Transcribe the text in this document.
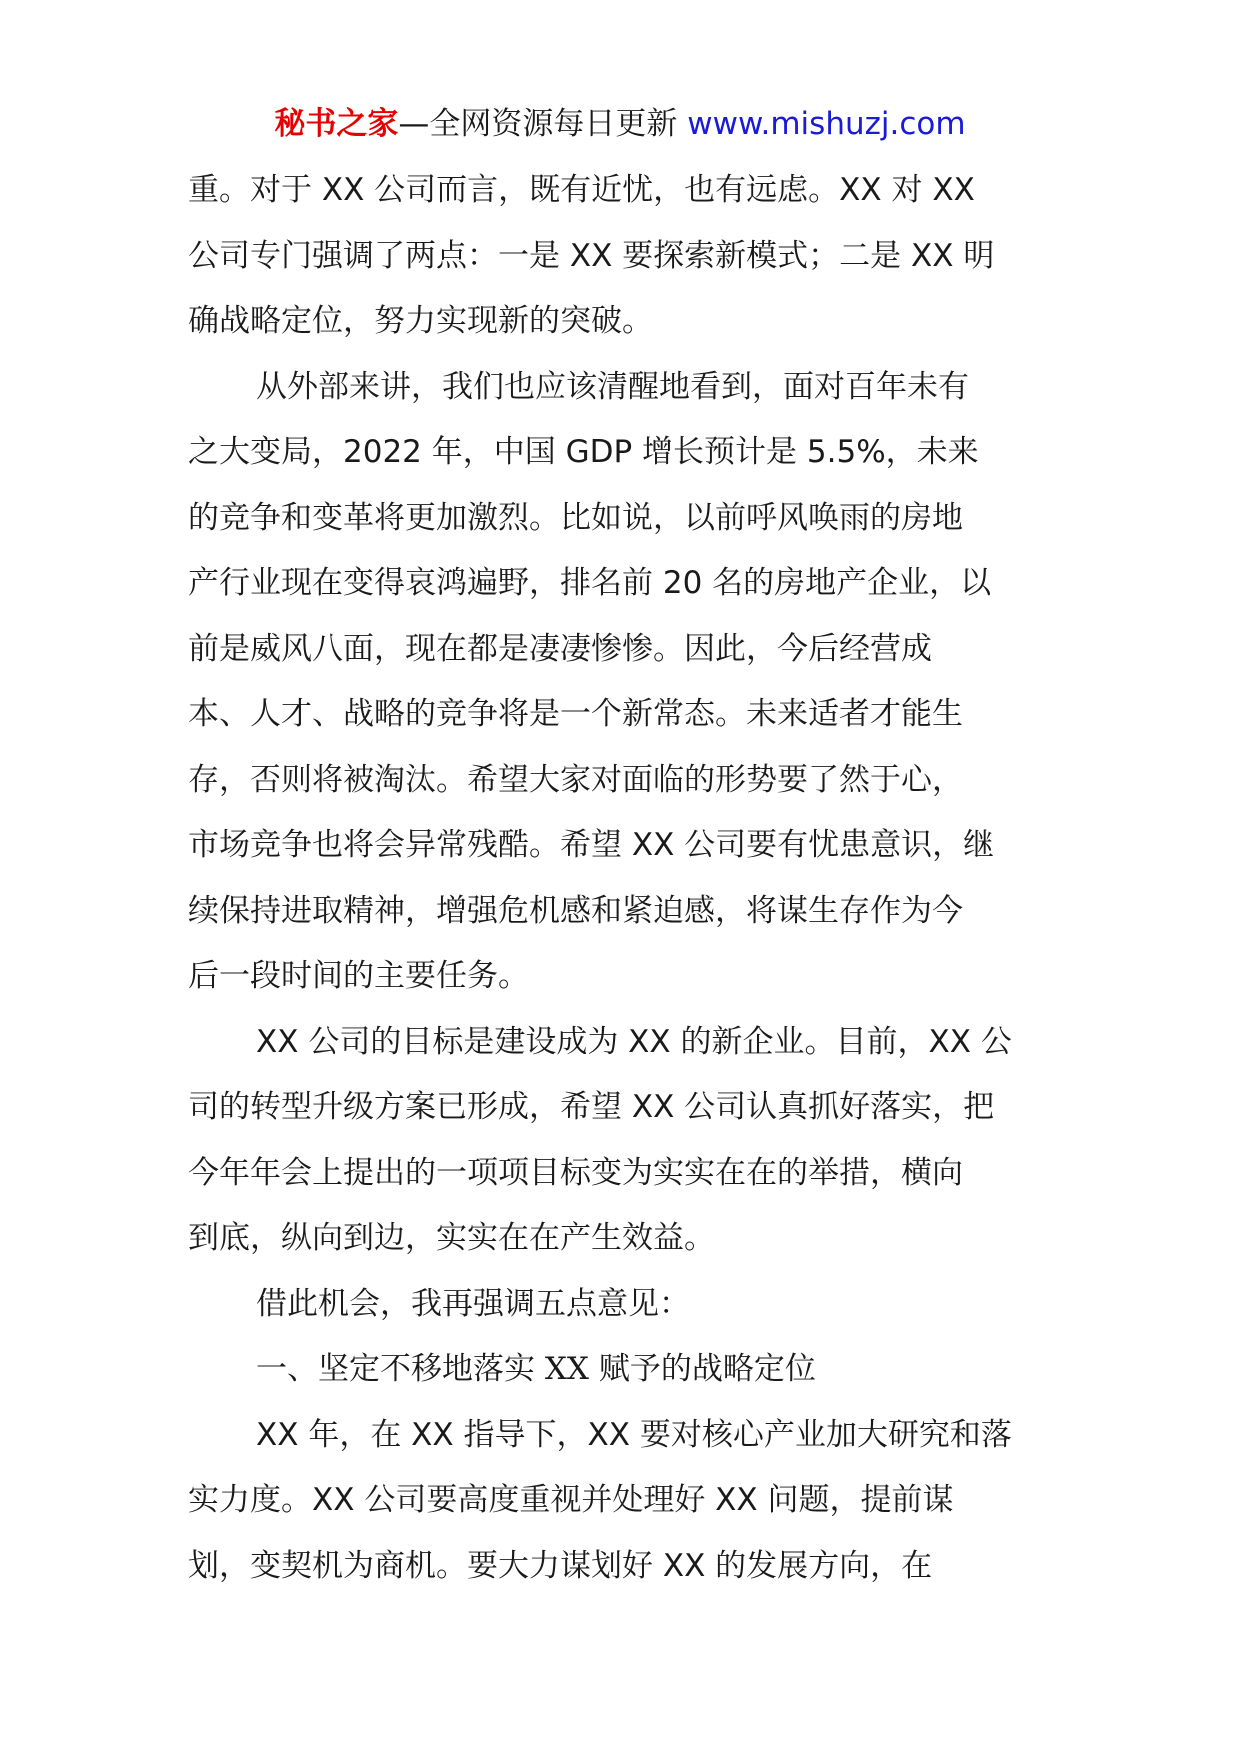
秘书之家—全网资源每日更新 www.mishuzj.com
重。对于 XX 公司而言，既有近忧，也有远虑。XX 对 XX
公司专门强调了两点：一是 XX 要探索新模式；二是 XX 明
确战略定位，努力实现新的突破。
从外部来讲，我们也应该清醒地看到，面对百年未有
之大变局，2022 年，中国 GDP 增长预计是 5.5%，未来
的竞争和变革将更加激烈。比如说，以前呼风唤雨的房地
产行业现在变得哀鸿遍野，排名前 20 名的房地产企业，以
前是威风八面，现在都是凄凄惨惨。因此，今后经营成
本、人才、战略的竞争将是一个新常态。未来适者才能生
存，否则将被淘汰。希望大家对面临的形势要了然于心，
市场竞争也将会异常残酷。希望 XX 公司要有忧患意识，继
续保持进取精神，增强危机感和紧迫感，将谋生存作为今
后一段时间的主要任务。
XX 公司的目标是建设成为 XX 的新企业。目前，XX 公
司的转型升级方案已形成，希望 XX 公司认真抓好落实，把
今年年会上提出的一项项目标变为实实在在的举措，横向
到底，纵向到边，实实在在产生效益。
借此机会，我再强调五点意见：
一、坚定不移地落实 XX 赋予的战略定位
XX 年，在 XX 指导下，XX 要对核心产业加大研究和落
实力度。XX 公司要高度重视并处理好 XX 问题，提前谋
划，变契机为商机。要大力谋划好 XX 的发展方向，在
